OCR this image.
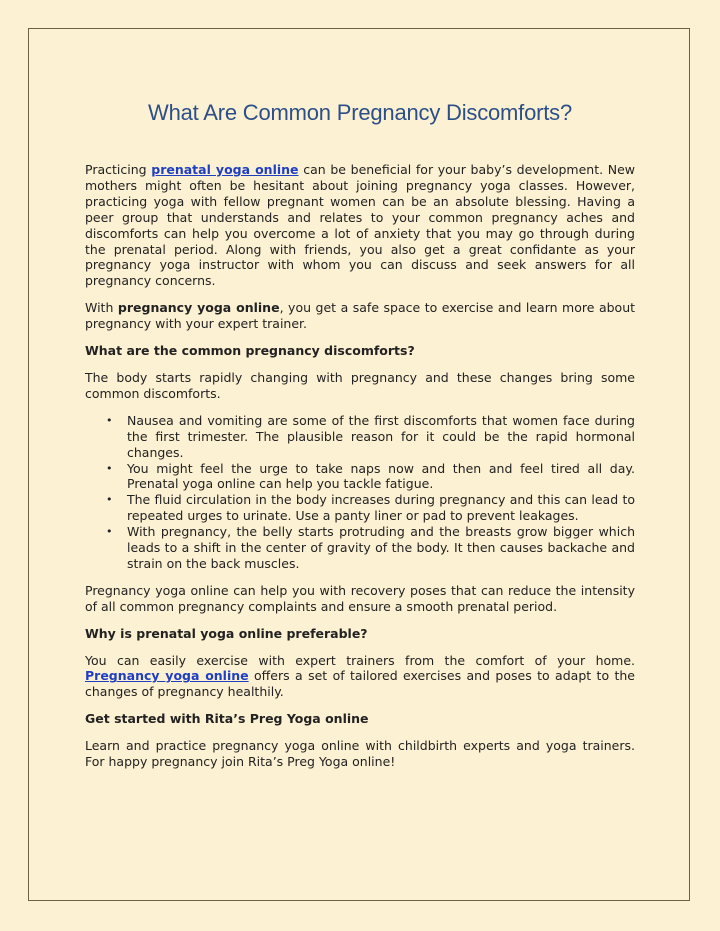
What Are Common Pregnancy Discomforts?

Practicing prenatal yoga online can be beneficial for your baby’s development. New mothers might often be hesitant about joining pregnancy yoga classes. However, practicing yoga with fellow pregnant women can be an absolute blessing. Having a peer group that understands and relates to your common pregnancy aches and discomforts can help you overcome a lot of anxiety that you may go through during the prenatal period. Along with friends, you also get a great confidante as your pregnancy yoga instructor with whom you can discuss and seek answers for all pregnancy concerns.

With pregnancy yoga online, you get a safe space to exercise and learn more about pregnancy with your expert trainer.

What are the common pregnancy discomforts?

The body starts rapidly changing with pregnancy and these changes bring some common discomforts.

• Nausea and vomiting are some of the first discomforts that women face during the first trimester. The plausible reason for it could be the rapid hormonal changes.
• You might feel the urge to take naps now and then and feel tired all day. Prenatal yoga online can help you tackle fatigue.
• The fluid circulation in the body increases during pregnancy and this can lead to repeated urges to urinate. Use a panty liner or pad to prevent leakages.
• With pregnancy, the belly starts protruding and the breasts grow bigger which leads to a shift in the center of gravity of the body. It then causes backache and strain on the back muscles.

Pregnancy yoga online can help you with recovery poses that can reduce the intensity of all common pregnancy complaints and ensure a smooth prenatal period.

Why is prenatal yoga online preferable?

You can easily exercise with expert trainers from the comfort of your home. Pregnancy yoga online offers a set of tailored exercises and poses to adapt to the changes of pregnancy healthily.

Get started with Rita’s Preg Yoga online

Learn and practice pregnancy yoga online with childbirth experts and yoga trainers. For happy pregnancy join Rita’s Preg Yoga online!
